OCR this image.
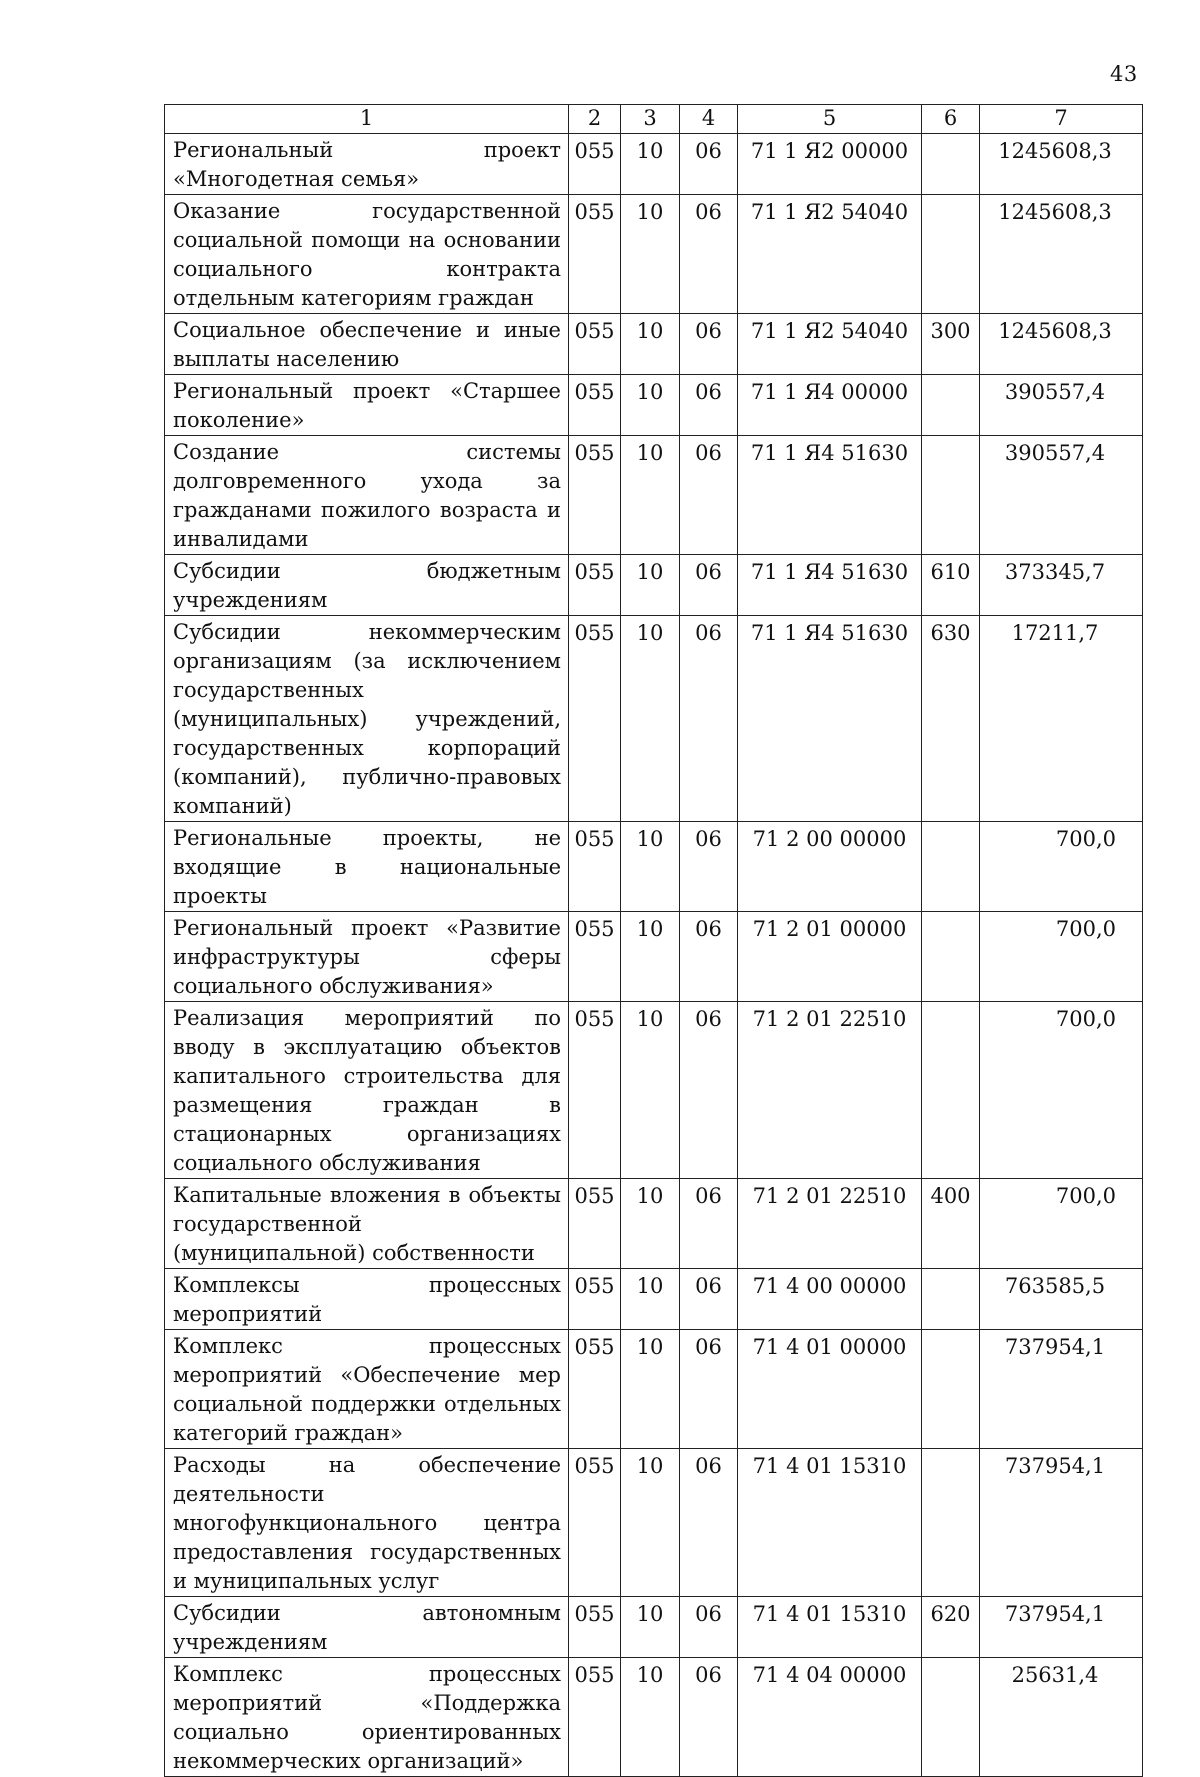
43
1	2	3	4	5	6	7
Региональный проект «Многодетная семья»	055	10	06	71 1 Я2 00000		1245608,3
Оказание государственной социальной помощи на основании социального контракта отдельным категориям граждан	055	10	06	71 1 Я2 54040		1245608,3
Социальное обеспечение и иные выплаты населению	055	10	06	71 1 Я2 54040	300	1245608,3
Региональный проект «Старшее поколение»	055	10	06	71 1 Я4 00000		390557,4
Создание системы долговременного ухода за гражданами пожилого возраста и инвалидами	055	10	06	71 1 Я4 51630		390557,4
Субсидии бюджетным учреждениям	055	10	06	71 1 Я4 51630	610	373345,7
Субсидии некоммерческим организациям (за исключением государственных (муниципальных) учреждений, государственных корпораций (компаний), публично-правовых компаний)	055	10	06	71 1 Я4 51630	630	17211,7
Региональные проекты, не входящие в национальные проекты	055	10	06	71 2 00 00000		700,0
Региональный проект «Развитие инфраструктуры сферы социального обслуживания»	055	10	06	71 2 01 00000		700,0
Реализация мероприятий по вводу в эксплуатацию объектов капитального строительства для размещения граждан в стационарных организациях социального обслуживания	055	10	06	71 2 01 22510		700,0
Капитальные вложения в объекты государственной (муниципальной) собственности	055	10	06	71 2 01 22510	400	700,0
Комплексы процессных мероприятий	055	10	06	71 4 00 00000		763585,5
Комплекс процессных мероприятий «Обеспечение мер социальной поддержки отдельных категорий граждан»	055	10	06	71 4 01 00000		737954,1
Расходы на обеспечение деятельности многофункционального центра предоставления государственных и муниципальных услуг	055	10	06	71 4 01 15310		737954,1
Субсидии автономным учреждениям	055	10	06	71 4 01 15310	620	737954,1
Комплекс процессных мероприятий «Поддержка социально ориентированных некоммерческих организаций»	055	10	06	71 4 04 00000		25631,4
